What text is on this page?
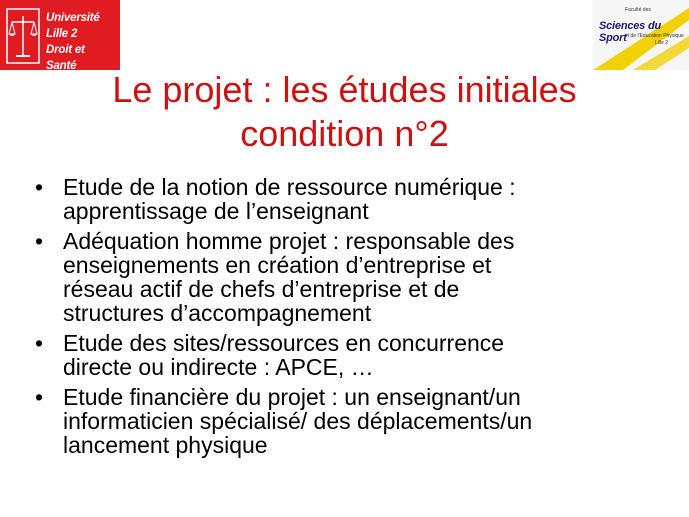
Université Lille 2
Droit et Santé
Faculté des
Sciences du Sport
et de l'Education Physique
Lille 2
Le projet : les études initiales
condition n°2
• Etude de la notion de ressource numérique :
apprentissage de l’enseignant
• Adéquation homme projet : responsable des
enseignements en création d’entreprise et
réseau actif de chefs d’entreprise et de
structures d’accompagnement
• Etude des sites/ressources en concurrence
directe ou indirecte : APCE, …
• Etude financière du projet : un enseignant/un
informaticien spécialisé/ des déplacements/un
lancement physique
